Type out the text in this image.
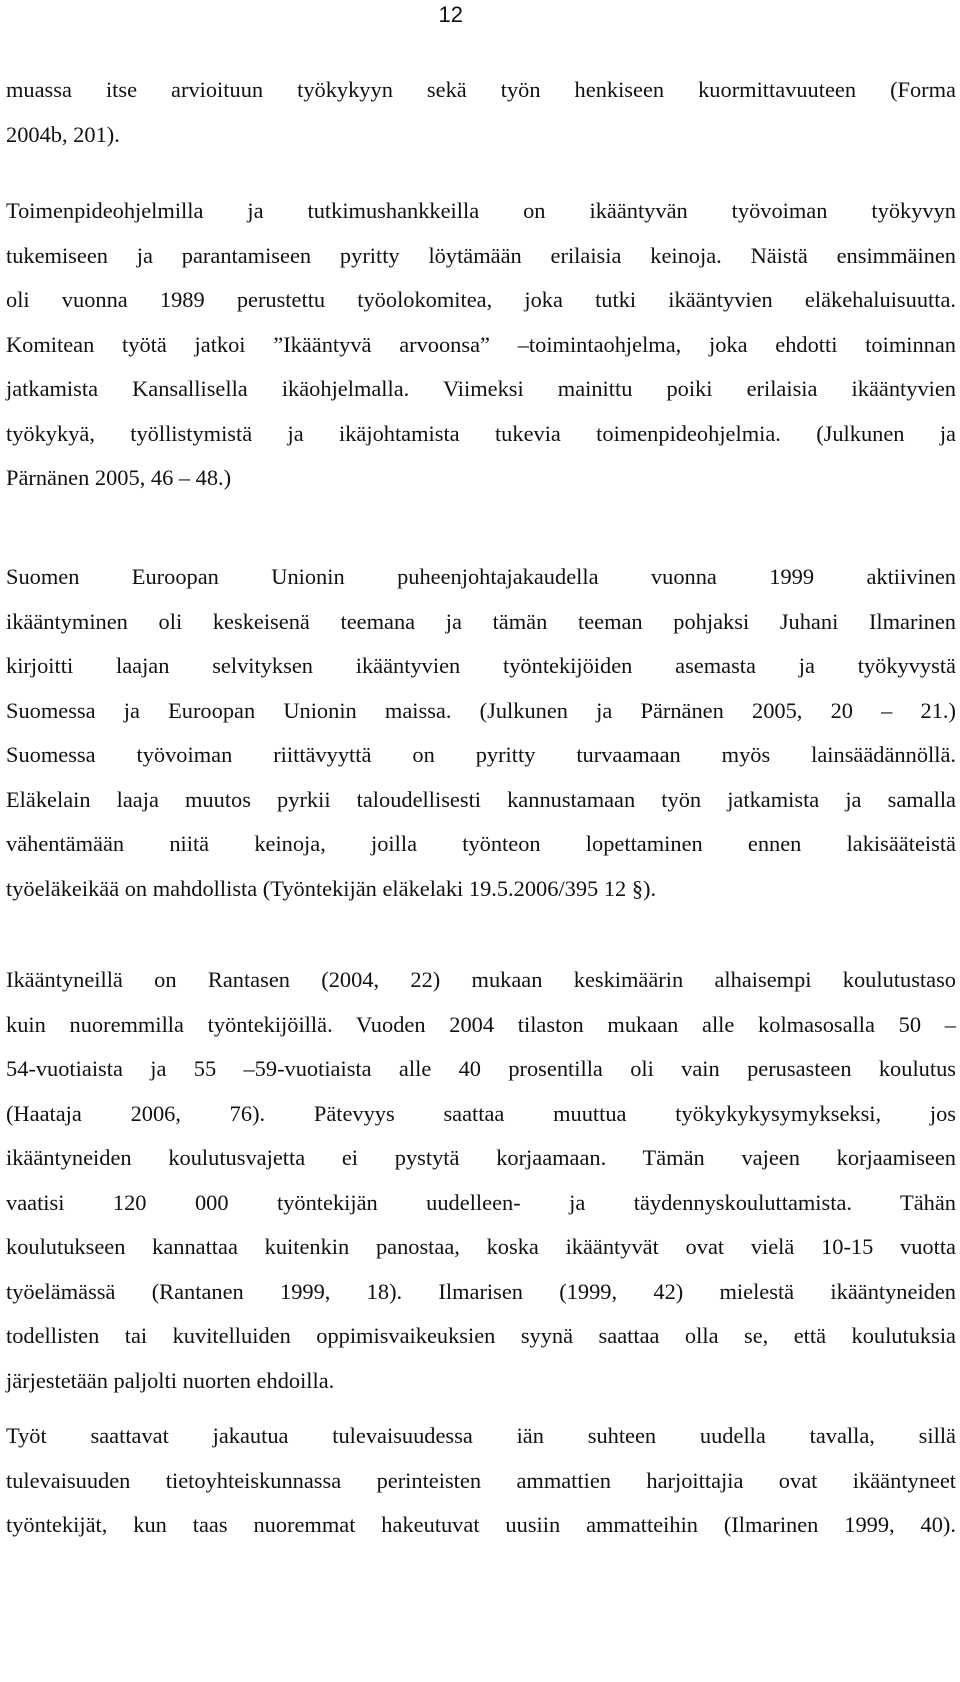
12

muassa itse arvioituun työkykyyn sekä työn henkiseen kuormittavuuteen (Forma
2004b, 201).

Toimenpideohjelmilla ja tutkimushankkeilla on ikääntyvän työvoiman työkyvyn
tukemiseen ja parantamiseen pyritty löytämään erilaisia keinoja. Näistä ensimmäinen
oli vuonna 1989 perustettu työolokomitea, joka tutki ikääntyvien eläkehaluisuutta.
Komitean työtä jatkoi ”Ikääntyvä arvoonsa” –toimintaohjelma, joka ehdotti toiminnan
jatkamista Kansallisella ikäohjelmalla. Viimeksi mainittu poiki erilaisia ikääntyvien
työkykyä, työllistymistä ja ikäjohtamista tukevia toimenpideohjelmia. (Julkunen ja
Pärnänen 2005, 46 – 48.)

Suomen Euroopan Unionin puheenjohtajakaudella vuonna 1999 aktiivinen
ikääntyminen oli keskeisenä teemana ja tämän teeman pohjaksi Juhani Ilmarinen
kirjoitti laajan selvityksen ikääntyvien työntekijöiden asemasta ja työkyvystä
Suomessa ja Euroopan Unionin maissa. (Julkunen ja Pärnänen 2005, 20 – 21.)
Suomessa työvoiman riittävyyttä on pyritty turvaamaan myös lainsäädännöllä.
Eläkelain laaja muutos pyrkii taloudellisesti kannustamaan työn jatkamista ja samalla
vähentämään niitä keinoja, joilla työnteon lopettaminen ennen lakisääteistä
työeläkeikää on mahdollista (Työntekijän eläkelaki 19.5.2006/395 12 §).

Ikääntyneillä on Rantasen (2004, 22) mukaan keskimäärin alhaisempi koulutustaso
kuin nuoremmilla työntekijöillä. Vuoden 2004 tilaston mukaan alle kolmasosalla 50 –
54-vuotiaista ja 55 –59-vuotiaista alle 40 prosentilla oli vain perusasteen koulutus
(Haataja 2006, 76). Pätevyys saattaa muuttua työkykykysymykseksi, jos
ikääntyneiden koulutusvajetta ei pystytä korjaamaan. Tämän vajeen korjaamiseen
vaatisi 120 000 työntekijän uudelleen- ja täydennyskouluttamista. Tähän
koulutukseen kannattaa kuitenkin panostaa, koska ikääntyvät ovat vielä 10-15 vuotta
työelämässä (Rantanen 1999, 18). Ilmarisen (1999, 42) mielestä ikääntyneiden
todellisten tai kuvitelluiden oppimisvaikeuksien syynä saattaa olla se, että koulutuksia
järjestetään paljolti nuorten ehdoilla.

Työt saattavat jakautua tulevaisuudessa iän suhteen uudella tavalla, sillä
tulevaisuuden tietoyhteiskunnassa perinteisten ammattien harjoittajia ovat ikääntyneet
työntekijät, kun taas nuoremmat hakeutuvat uusiin ammatteihin (Ilmarinen 1999, 40).
